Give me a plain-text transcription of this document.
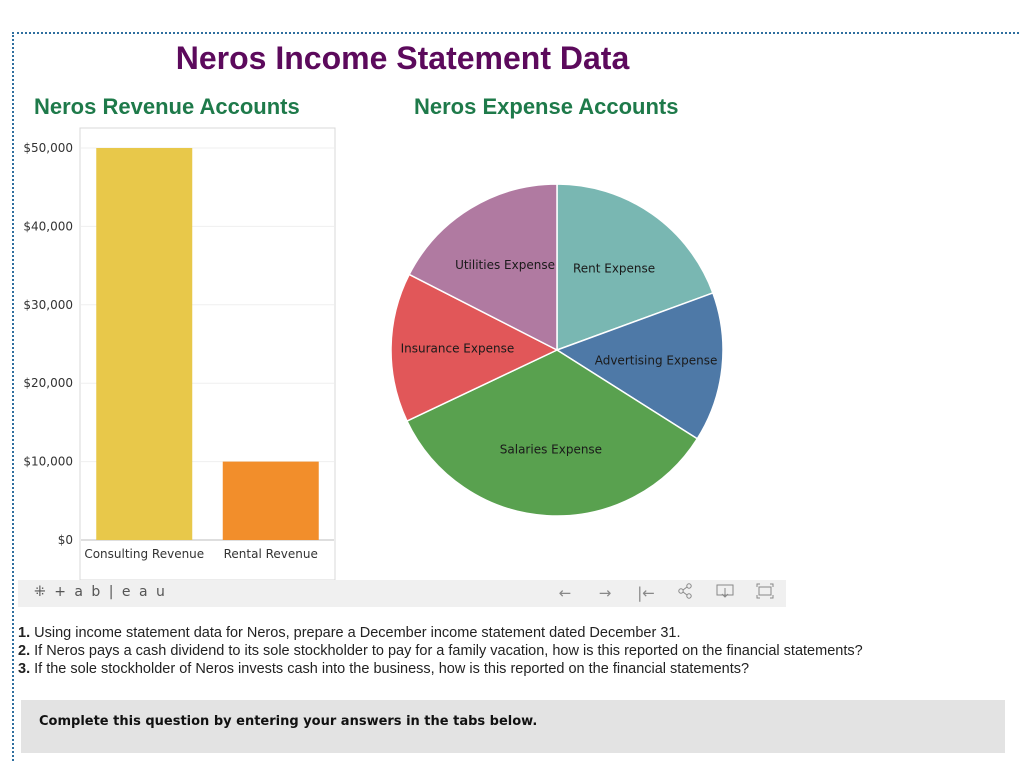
Neros Income Statement Data
Neros Revenue Accounts	Neros Expense Accounts
$0
$10,000
$20,000
$30,000
$40,000
$50,000
Consulting Revenue Rental Revenue
Rent Expense
Advertising Expense
Salaries Expense
Insurance Expense
Utilities Expense
⁜ + a b | e a u	←	→	|←
1. Using income statement data for Neros, prepare a December income statement dated December 31.
2. If Neros pays a cash dividend to its sole stockholder to pay for a family vacation, how is this reported on the financial statements?
3. If the sole stockholder of Neros invests cash into the business, how is this reported on the financial statements?
Complete this question by entering your answers in the tabs below.
